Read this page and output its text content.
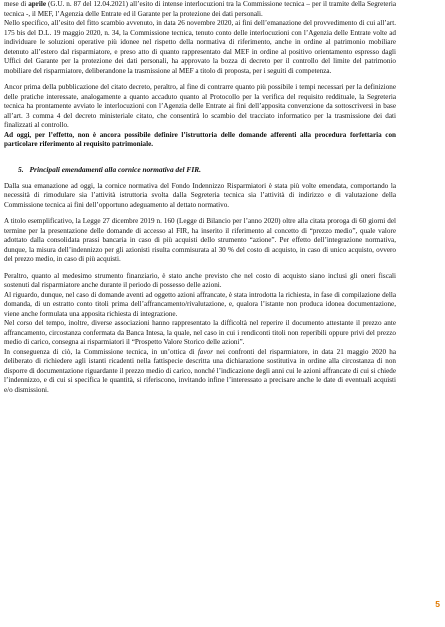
mese di aprile (G.U. n. 87 del 12.04.2021) all’esito di intense interlocuzioni tra la Commissione tecnica – per il tramite della Segreteria tecnica -, il MEF, l’Agenzia delle Entrate ed il Garante per la protezione dei dati personali.

Nello specifico, all’esito del fitto scambio avvenuto, in data 26 novembre 2020, ai fini dell’emanazione del provvedimento di cui all’art. 175 bis del D.L. 19 maggio 2020, n. 34, la Commissione tecnica, tenuto conto delle interlocuzioni con l’Agenzia delle Entrate volte ad individuare le soluzioni operative più idonee nel rispetto della normativa di riferimento, anche in ordine al patrimonio mobiliare detenuto all’estero dal risparmiatore, e preso atto di quanto rappresentato dal MEF in ordine al positivo orientamento espresso dagli Uffici del Garante per la protezione dei dati personali, ha approvato la bozza di decreto per il controllo del limite del patrimonio mobiliare del risparmiatore, deliberandone la trasmissione al MEF a titolo di proposta, per i seguiti di competenza.

Ancor prima della pubblicazione del citato decreto, peraltro, al fine di contrarre quanto più possibile i tempi necessari per la definizione delle pratiche interessate, analogamente a quanto accaduto quanto al Protocollo per la verifica del requisito reddituale, la Segreteria tecnica ha prontamente avviato le interlocuzioni con l’Agenzia delle Entrate ai fini dell’apposita convenzione da sottoscriversi in base all’art. 3 comma 4 del decreto ministeriale citato, che consentirà lo scambio del tracciato informatico per la trasmissione dei dati finalizzati al controllo.

Ad oggi, per l’effetto, non è ancora possibile definire l’istruttoria delle domande afferenti alla procedura forfettaria con particolare riferimento al requisito patrimoniale.

5. Principali emendamenti alla cornice normativa del FIR.

Dalla sua emanazione ad oggi, la cornice normativa del Fondo Indennizzo Risparmiatori è stata più volte emendata, comportando la necessità di rimodulare sia l’attività istruttoria svolta dalla Segreteria tecnica sia l’attività di indirizzo e di valutazione della Commissione tecnica ai fini dell’opportuno adeguamento al dettato normativo.

A titolo esemplificativo, la Legge 27 dicembre 2019 n. 160 (Legge di Bilancio per l’anno 2020) oltre alla citata proroga di 60 giorni del termine per la presentazione delle domande di accesso al FIR, ha inserito il riferimento al concetto di “prezzo medio”, quale valore adottato dalla consolidata prassi bancaria in caso di più acquisti dello strumento “azione”. Per effetto dell’integrazione normativa, dunque, la misura dell’indennizzo per gli azionisti risulta commisurata al 30 % del costo di acquisto, in caso di unico acquisto, ovvero del prezzo medio, in caso di più acquisti.

Peraltro, quanto al medesimo strumento finanziario, è stato anche previsto che nel costo di acquisto siano inclusi gli oneri fiscali sostenuti dal risparmiatore anche durante il periodo di possesso delle azioni.

Al riguardo, dunque, nel caso di domande aventi ad oggetto azioni affrancate, è stata introdotta la richiesta, in fase di compilazione della domanda, di un estratto conto titoli prima dell’affrancamento/rivalutazione, e, qualora l’istante non produca idonea documentazione, viene anche formulata una apposita richiesta di integrazione.

Nel corso del tempo, inoltre, diverse associazioni hanno rappresentato la difficoltà nel reperire il documento attestante il prezzo ante affrancamento, circostanza confermata da Banca Intesa, la quale, nel caso in cui i rendiconti titoli non reperibili oppure privi del prezzo medio di carico, consegna ai risparmiatori il “Prospetto Valore Storico delle azioni”.

In conseguenza di ciò, la Commissione tecnica, in un’ottica di favor nei confronti del risparmiatore, in data 21 maggio 2020 ha deliberato di richiedere agli istanti ricadenti nella fattispecie descritta una dichiarazione sostitutiva in ordine alla circostanza di non disporre di documentazione riguardante il prezzo medio di carico, nonché l’indicazione degli anni cui le azioni affrancate di cui si chiede l’indennizzo, e di cui si specifica le quantità, si riferiscono, invitando infine l’interessato a precisare anche le date di eventuali acquisti e/o dismissioni.

5
